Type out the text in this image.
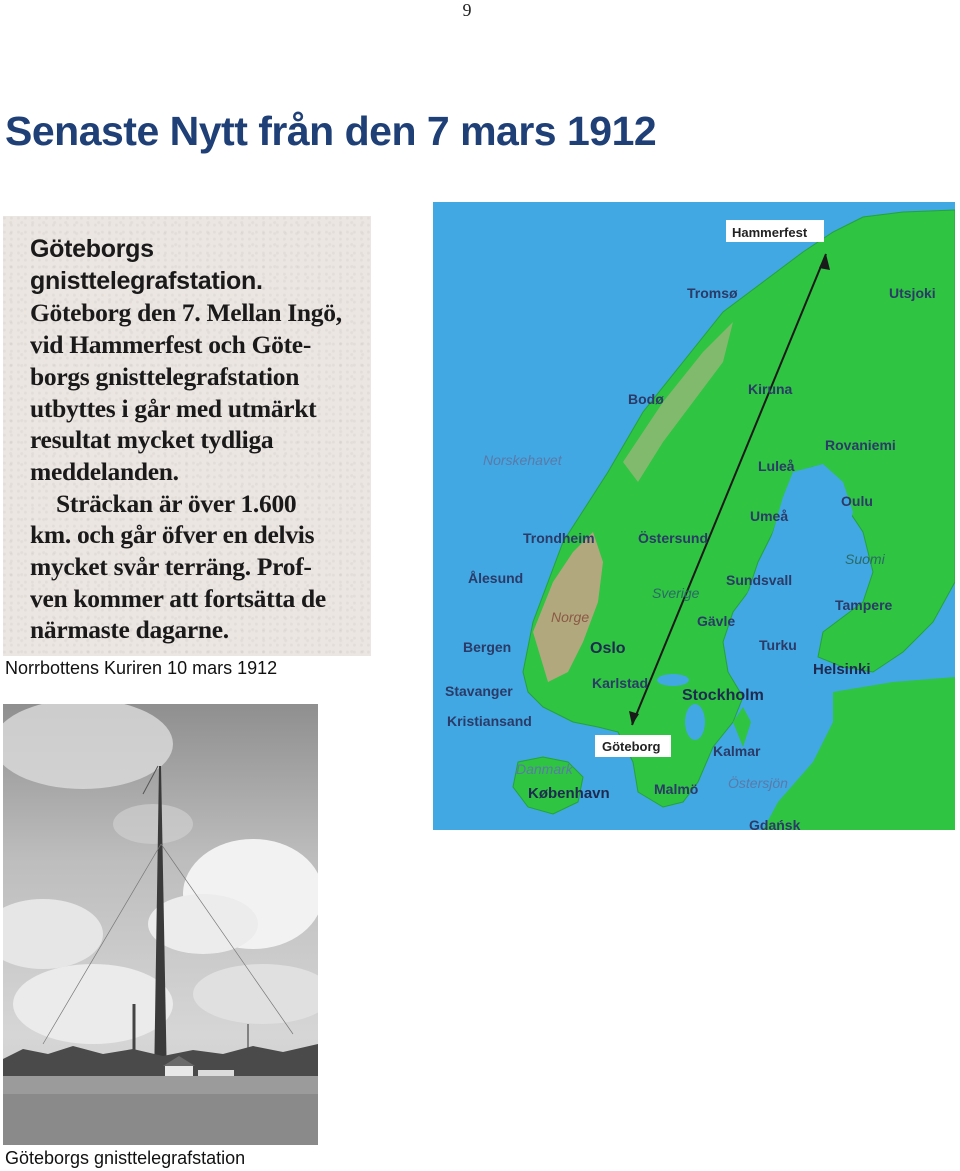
9
Senaste Nytt från den 7 mars 1912
Göteborgs
gnisttelegrafstation.
Göteborg den 7. Mellan Ingö,
vid Hammerfest och Göte-
borgs gnisttelegrafstation
utbyttes i går med utmärkt
resultat mycket tydliga
meddelanden.
Sträckan är över 1.600
km. och går öfver en delvis
mycket svår terräng. Prof-
ven kommer att fortsätta de
närmaste dagarne.
Norrbottens Kuriren 10 mars 1912
Hammerfest
Tromsø	Utsjoki
Kiruna
Bodø
Rovaniemi
Norskehavet	Luleå
Oulu
Umeå
Trondheim	Östersund
Suomi
Ålesund	Sundsvall
Sverige
Tampere
Norge	Gävle
Bergen	Oslo	Turku
Helsinki
Karlstad
Stavanger	Stockholm
Kristiansand
Göteborg	Kalmar
Danmark
København	Malmö Östersjön
Gdańsk
Göteborgs gnisttelegrafstation
